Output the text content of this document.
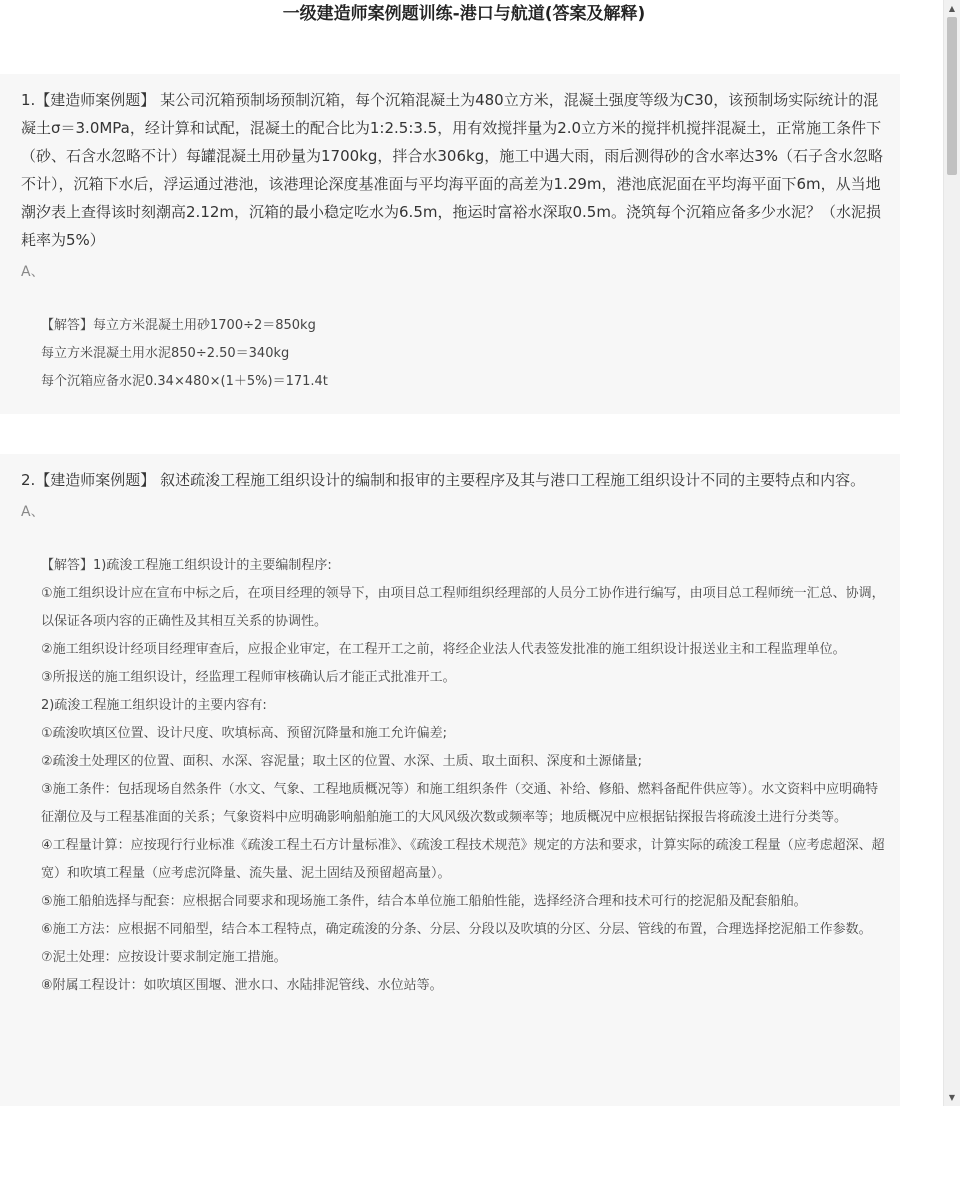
一级建造师案例题训练-港口与航道(答案及解释)

1.【建造师案例题】 某公司沉箱预制场预制沉箱，每个沉箱混凝土为480立方米，混凝土强度等级为C30，该预制场实际统计的混凝土σ＝3.0MPa，经计算和试配，混凝土的配合比为1:2.5:3.5，用有效搅拌量为2.0立方米的搅拌机搅拌混凝土，正常施工条件下（砂、石含水忽略不计）每罐混凝土用砂量为1700kg，拌合水306kg，施工中遇大雨，雨后测得砂的含水率达3%（石子含水忽略不计），沉箱下水后，浮运通过港池，该港理论深度基准面与平均海平面的高差为1.29m，港池底泥面在平均海平面下6m，从当地潮汐表上查得该时刻潮高2.12m，沉箱的最小稳定吃水为6.5m，拖运时富裕水深取0.5m。浇筑每个沉箱应备多少水泥？（水泥损耗率为5%）

A、

【解答】每立方米混凝土用砂1700÷2＝850kg

每立方米混凝土用水泥850÷2.50＝340kg

每个沉箱应备水泥0.34×480×(1＋5%)＝171.4t

2.【建造师案例题】 叙述疏浚工程施工组织设计的编制和报审的主要程序及其与港口工程施工组织设计不同的主要特点和内容。

A、

【解答】1)疏浚工程施工组织设计的主要编制程序:

①施工组织设计应在宣布中标之后，在项目经理的领导下，由项目总工程师组织经理部的人员分工协作进行编写，由项目总工程师统一汇总、协调，以保证各项内容的正确性及其相互关系的协调性。

②施工组织设计经项目经理审查后，应报企业审定，在工程开工之前，将经企业法人代表签发批准的施工组织设计报送业主和工程监理单位。

③所报送的施工组织设计，经监理工程师审核确认后才能正式批准开工。

2)疏浚工程施工组织设计的主要内容有:

①疏浚吹填区位置、设计尺度、吹填标高、预留沉降量和施工允许偏差;

②疏浚土处理区的位置、面积、水深、容泥量；取土区的位置、水深、土质、取土面积、深度和土源储量;

③施工条件：包括现场自然条件（水文、气象、工程地质概况等）和施工组织条件（交通、补给、修船、燃料备配件供应等）。水文资料中应明确特征潮位及与工程基准面的关系；气象资料中应明确影响船舶施工的大风风级次数或频率等；地质概况中应根据钻探报告将疏浚土进行分类等。

④工程量计算：应按现行行业标准《疏浚工程土石方计量标准》、《疏浚工程技术规范》规定的方法和要求，计算实际的疏浚工程量（应考虑超深、超宽）和吹填工程量（应考虑沉降量、流失量、泥土固结及预留超高量）。

⑤施工船舶选择与配套：应根据合同要求和现场施工条件，结合本单位施工船舶性能，选择经济合理和技术可行的挖泥船及配套船舶。

⑥施工方法：应根据不同船型，结合本工程特点，确定疏浚的分条、分层、分段以及吹填的分区、分层、管线的布置，合理选择挖泥船工作参数。

⑦泥土处理：应按设计要求制定施工措施。

⑧附属工程设计：如吹填区围堰、泄水口、水陆排泥管线、水位站等。

▲
▼
